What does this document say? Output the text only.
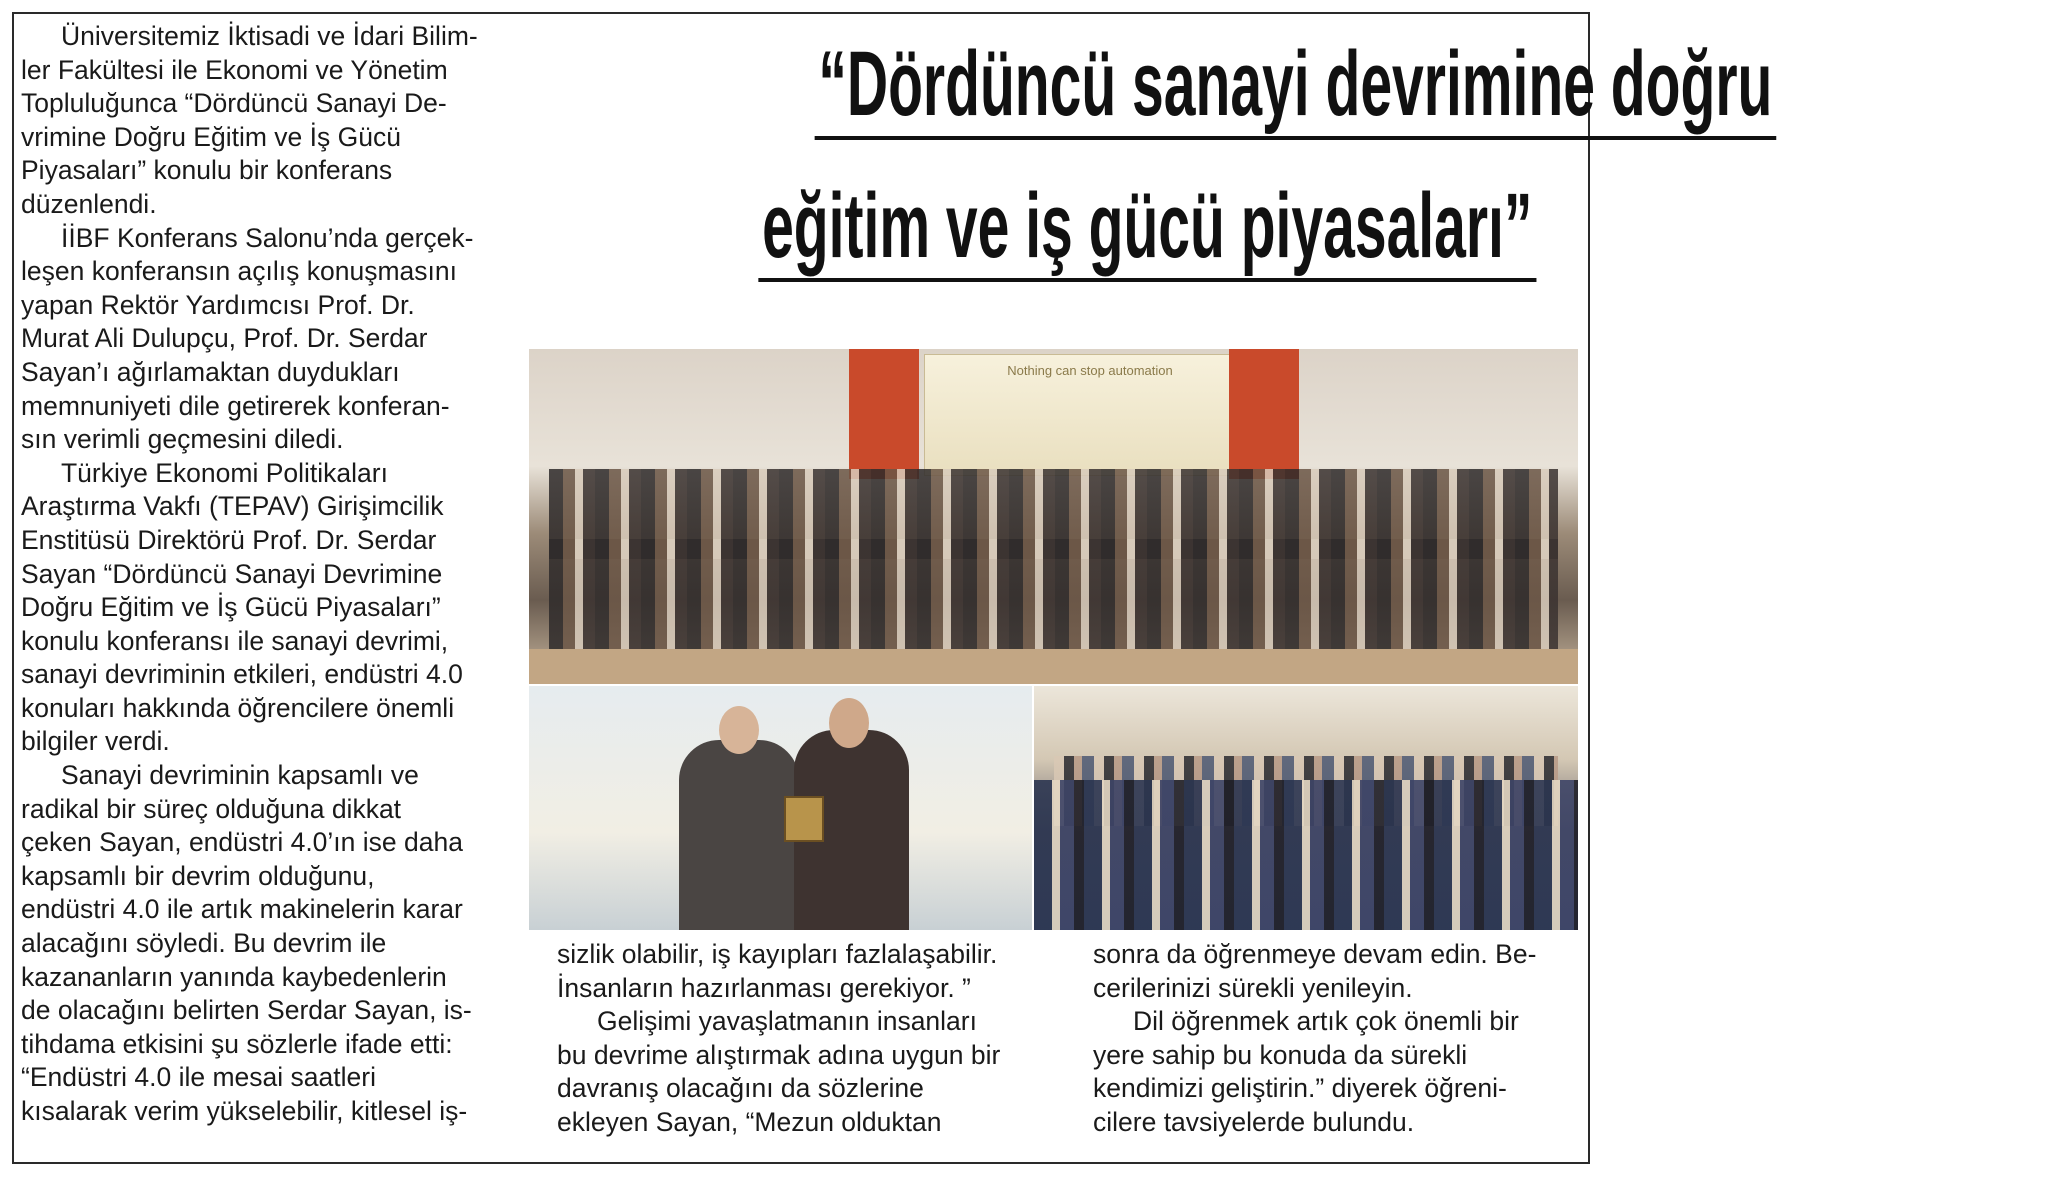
Üniversitemiz İktisadi ve İdari Bilim-

ler Fakültesi ile Ekonomi ve Yönetim

Topluluğunca “Dördüncü Sanayi De-

vrimine Doğru Eğitim ve İş Gücü

Piyasaları” konulu bir konferans

düzenlendi.

İİBF Konferans Salonu’nda gerçek-

leşen konferansın açılış konuşmasını

yapan Rektör Yardımcısı Prof. Dr.

Murat Ali Dulupçu, Prof. Dr. Serdar

Sayan’ı ağırlamaktan duydukları

memnuniyeti dile getirerek konferan-

sın verimli geçmesini diledi.

Türkiye Ekonomi Politikaları

Araştırma Vakfı (TEPAV) Girişimcilik

Enstitüsü Direktörü Prof. Dr. Serdar

Sayan “Dördüncü Sanayi Devrimine

Doğru Eğitim ve İş Gücü Piyasaları”

konulu konferansı ile sanayi devrimi,

sanayi devriminin etkileri, endüstri 4.0

konuları hakkında öğrencilere önemli

bilgiler verdi.

Sanayi devriminin kapsamlı ve

radikal bir süreç olduğuna dikkat

çeken Sayan, endüstri 4.0’ın ise daha

kapsamlı bir devrim olduğunu,

endüstri 4.0 ile artık makinelerin karar

alacağını söyledi. Bu devrim ile

kazananların yanında kaybedenlerin

de olacağını belirten Serdar Sayan, is-

tihdama etkisini şu sözlerle ifade etti:

“Endüstri 4.0 ile mesai saatleri

kısalarak verim yükselebilir, kitlesel iş-

“Dördüncü sanayi devrimine doğru
eğitim ve iş gücü piyasaları”
Nothing can stop automation

sizlik olabilir, iş kayıpları fazlalaşabilir.

İnsanların hazırlanması gerekiyor. ”

Gelişimi yavaşlatmanın insanları

bu devrime alıştırmak adına uygun bir

davranış olacağını da sözlerine

ekleyen Sayan, “Mezun olduktan

sonra da öğrenmeye devam edin. Be-

cerilerinizi sürekli yenileyin.

Dil öğrenmek artık çok önemli bir

yere sahip bu konuda da sürekli

kendimizi geliştirin.” diyerek öğreni-

cilere tavsiyelerde bulundu.
